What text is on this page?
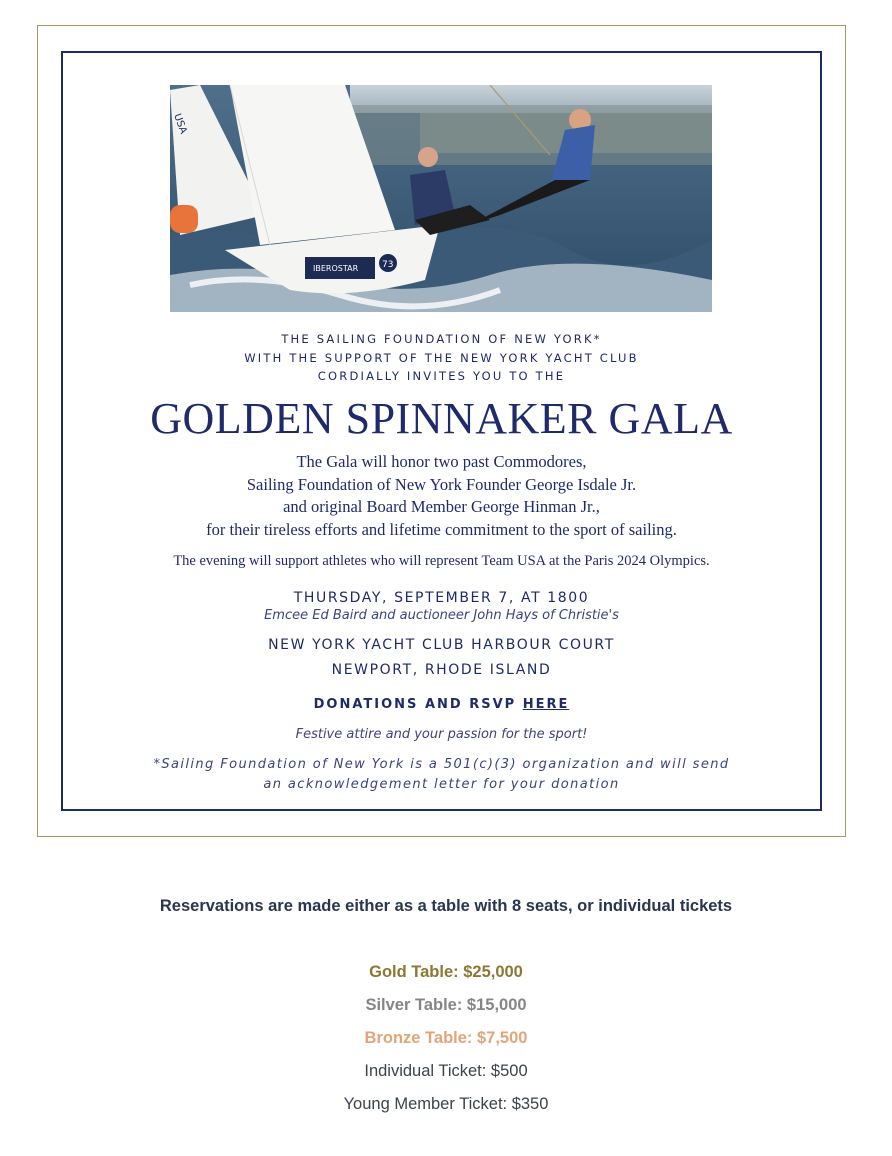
IBEROSTAR	73
USA
THE SAILING FOUNDATION OF NEW YORK*
WITH THE SUPPORT OF THE NEW YORK YACHT CLUB
CORDIALLY INVITES YOU TO THE
GOLDEN SPINNAKER GALA
The Gala will honor two past Commodores,
Sailing Foundation of New York Founder George Isdale Jr.
and original Board Member George Hinman Jr.,
for their tireless efforts and lifetime commitment to the sport of sailing.
The evening will support athletes who will represent Team USA at the Paris 2024 Olympics.
THURSDAY, SEPTEMBER 7, AT 1800
Emcee Ed Baird and auctioneer John Hays of Christie's
NEW YORK YACHT CLUB HARBOUR COURT
NEWPORT, RHODE ISLAND
DONATIONS AND RSVP HERE
Festive attire and your passion for the sport!
*Sailing Foundation of New York is a 501(c)(3) organization and will send
an acknowledgement letter for your donation
Reservations are made either as a table with 8 seats, or individual tickets
Gold Table: $25,000
Silver Table: $15,000
Bronze Table: $7,500
Individual Ticket: $500
Young Member Ticket: $350
